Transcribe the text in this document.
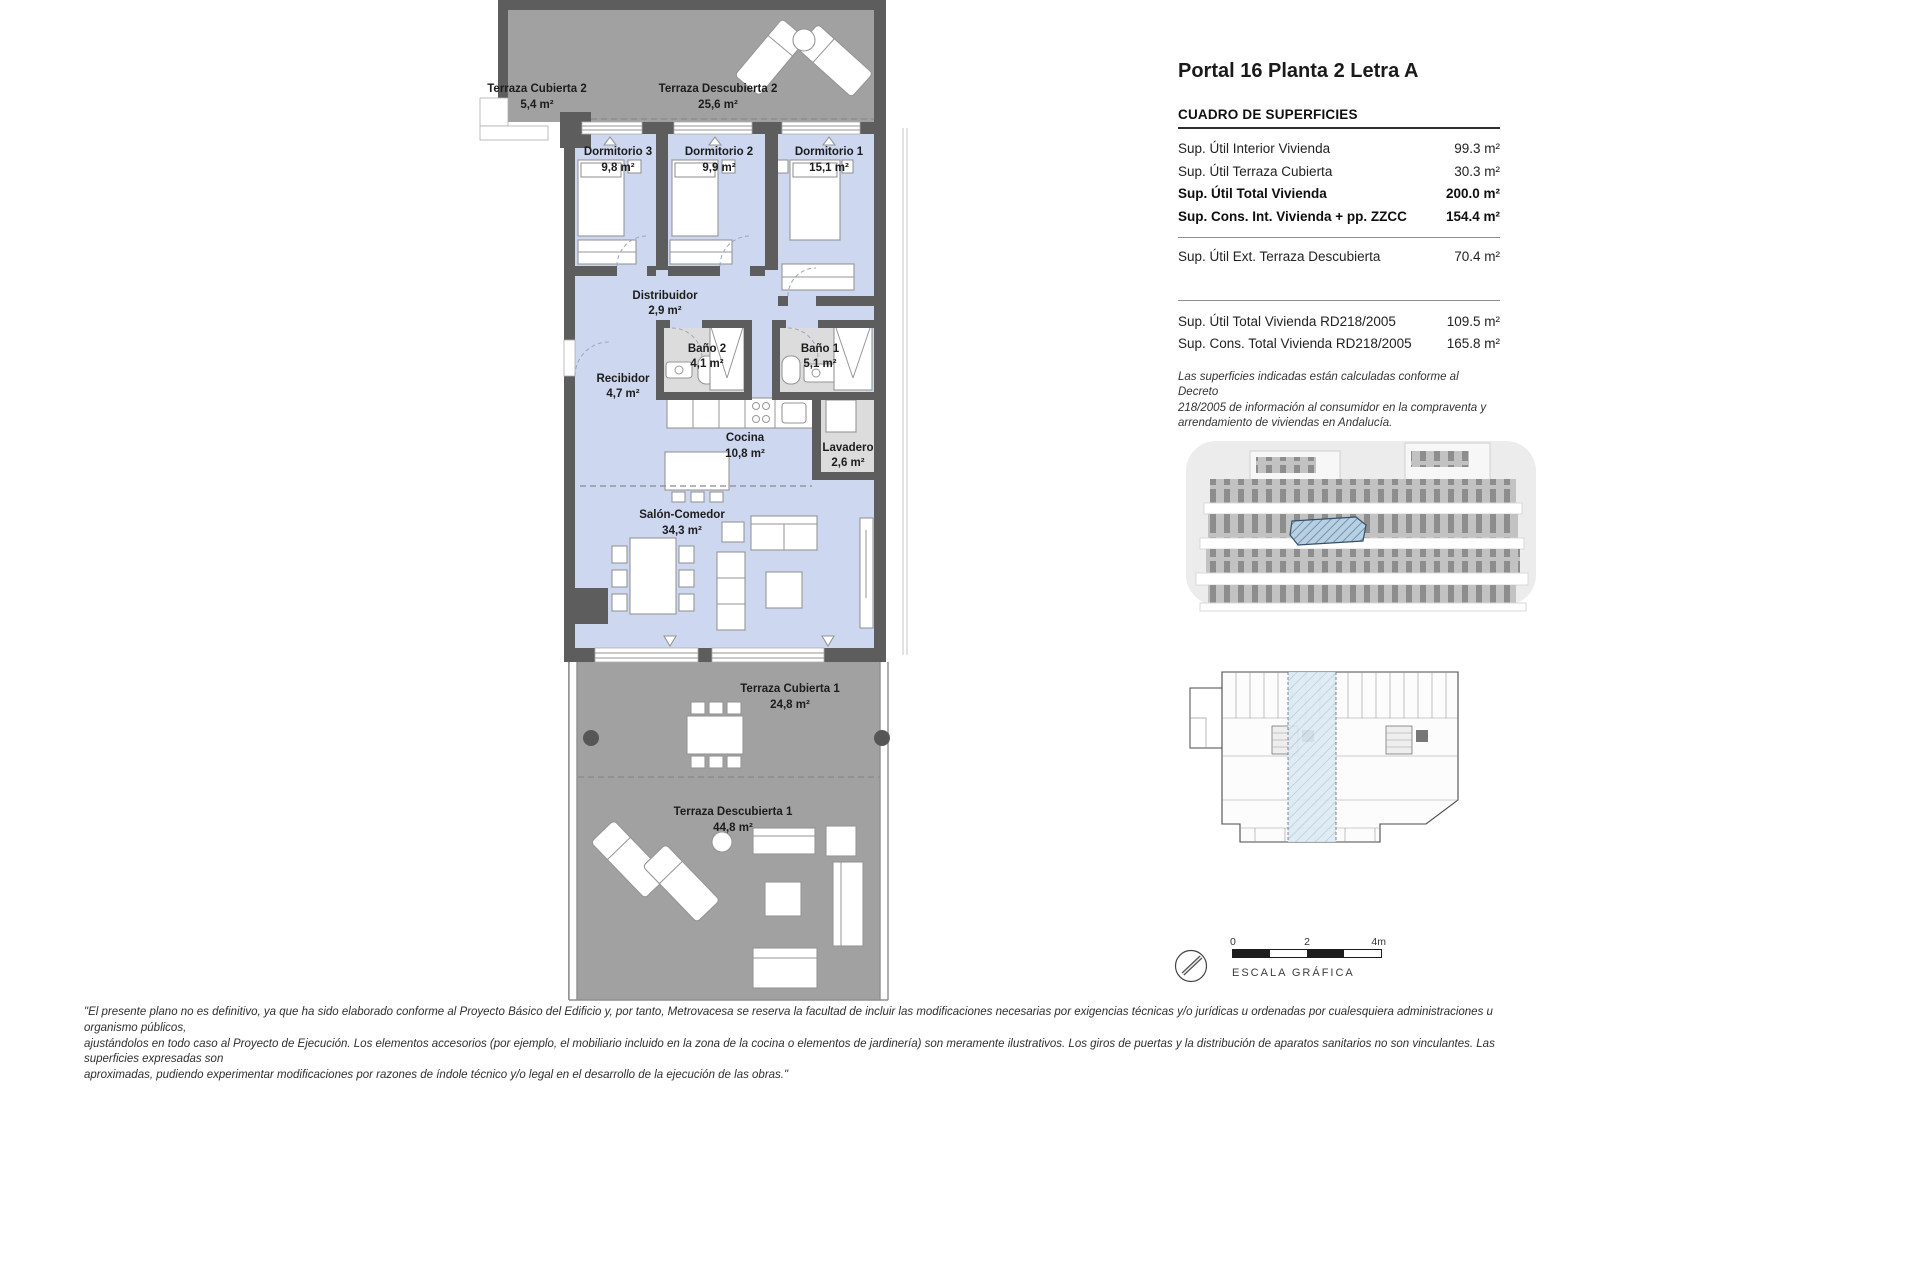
Terraza Cubierta 2
5,4 m²
Terraza Descubierta 2
25,6 m²
Dormitorio 3
9,8 m²
Dormitorio 2
9,9 m²
Dormitorio 1
15,1 m²
Distribuidor
2,9 m²
Baño 2
4,1 m²
Baño 1
5,1 m²
Recibidor
4,7 m²
Cocina
10,8 m²	Lavadero
2,6 m²
Salón-Comedor
34,3 m²
Terraza Cubierta 1
24,8 m²
Terraza Descubierta 1
44,8 m²
Portal 16 Planta 2 Letra A
CUADRO DE SUPERFICIES
Sup. Útil Interior Vivienda	99.3 m²
Sup. Útil Terraza Cubierta	30.3 m²
Sup. Útil Total Vivienda	200.0 m²
Sup. Cons. Int. Vivienda + pp. ZZCC	154.4 m²
Sup. Útil Ext. Terraza Descubierta	70.4 m²
Sup. Útil Total Vivienda RD218/2005	109.5 m²
Sup. Cons. Total Vivienda RD218/2005	165.8 m²
Las superficies indicadas están calculadas conforme al Decreto
218/2005 de información al consumidor en la compraventa y
arrendamiento de viviendas en Andalucía.
0	2	4m
ESCALA GRÁFICA
"El presente plano no es definitivo, ya que ha sido elaborado conforme al Proyecto Básico del Edificio y, por tanto, Metrovacesa se reserva la facultad de incluir las modificaciones necesarias por exigencias técnicas y/o jurídicas u ordenadas por cualesquiera administraciones u organismo públicos,
ajustándolos en todo caso al Proyecto de Ejecución. Los elementos accesorios (por ejemplo, el mobiliario incluido en la zona de la cocina o elementos de jardinería) son meramente ilustrativos. Los giros de puertas y la distribución de aparatos sanitarios no son vinculantes. Las superficies expresadas son
aproximadas, pudiendo experimentar modificaciones por razones de índole técnico y/o legal en el desarrollo de la ejecución de las obras."
